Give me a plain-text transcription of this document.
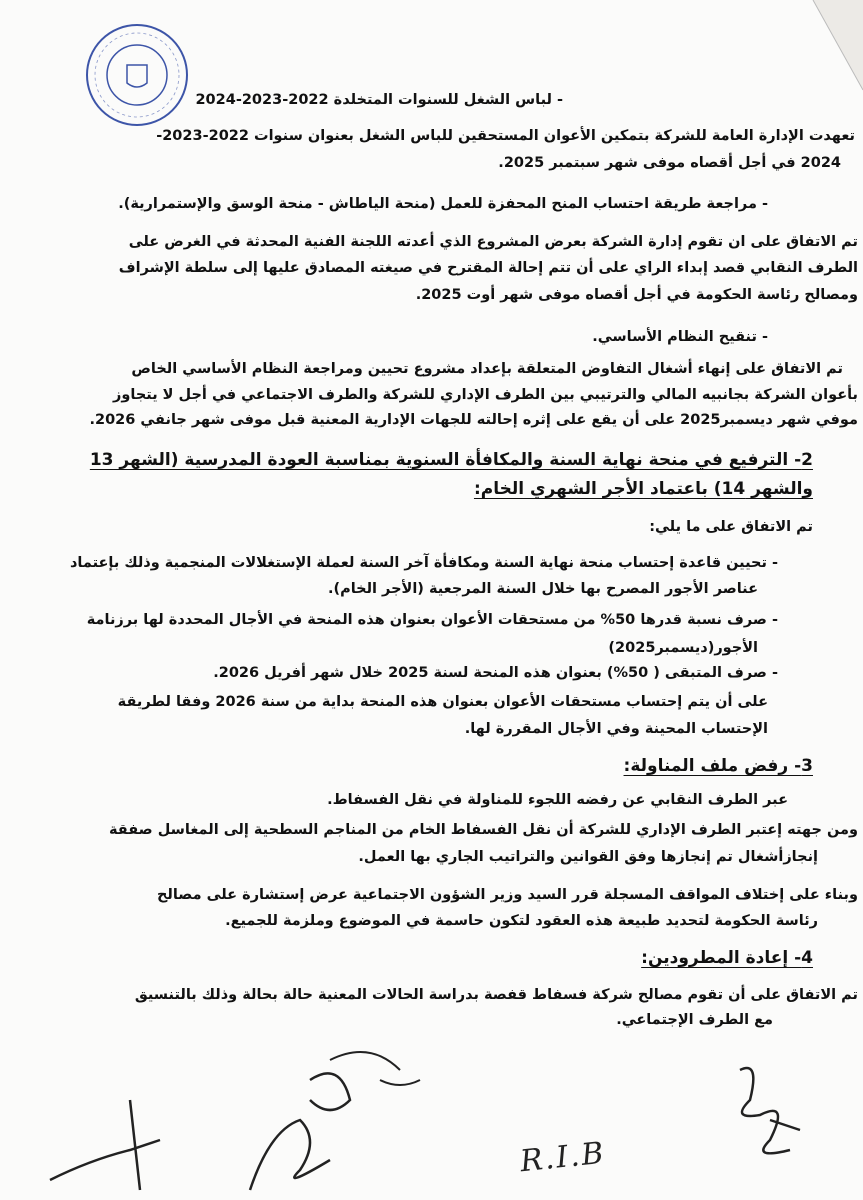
- لباس الشغل للسنوات المتخلدة 2022-2023-2024
تعهدت الإدارة العامة للشركة بتمكين الأعوان المستحقين للباس الشغل بعنوان سنوات 2022-2023-
2024 في أجل أقصاه موفى شهر سبتمبر 2025.
- مراجعة طريقة احتساب المنح المحفزة للعمل (منحة الياطاش - منحة الوسق والإستمرارية).
تم الاتفاق على ان تقوم إدارة الشركة بعرض المشروع الذي أعدته اللجنة الفنية المحدثة في الغرض على
الطرف النقابي قصد إبداء الراي على أن تتم إحالة المقترح في صيغته المصادق عليها إلى سلطة الإشراف
ومصالح رئاسة الحكومة في أجل أقصاه موفى شهر أوت 2025.
- تنقيح النظام الأساسي.
تم الاتفاق على إنهاء أشغال التفاوض المتعلقة بإعداد مشروع تحيين ومراجعة النظام الأساسي الخاص
بأعوان الشركة بجانبيه المالي والترتيبي بين الطرف الإداري للشركة والطرف الاجتماعي في أجل لا يتجاوز
موفي شهر ديسمبر2025 على أن يقع على إثره إحالته للجهات الإدارية المعنية قبل موفى شهر جانفي 2026.
2- الترفيع في منحة نهاية السنة والمكافأة السنوية بمناسبة العودة المدرسية (الشهر 13
والشهر 14) باعتماد الأجر الشهري الخام:
تم الاتفاق على ما يلي:
- تحيين قاعدة إحتساب منحة نهاية السنة ومكافأة آخر السنة لعملة الإستغلالات المنجمية وذلك بإعتماد
عناصر الأجور المصرح بها خلال السنة المرجعية (الأجر الخام).
- صرف نسبة قدرها 50% من مستحقات الأعوان بعنوان هذه المنحة في الأجال المحددة لها برزنامة
الأجور(ديسمبر2025)
- صرف المتبقى ( 50%) بعنوان هذه المنحة لسنة 2025 خلال شهر أفريل 2026.
على أن يتم إحتساب مستحقات الأعوان بعنوان هذه المنحة بداية من سنة 2026 وفقا لطريقة
الإحتساب المحينة وفي الأجال المقررة لها.
3- رفض ملف المناولة:
عبر الطرف النقابي عن رفضه اللجوء للمناولة في نقل الفسفاط.
ومن جهته إعتبر الطرف الإداري للشركة أن نقل الفسفاط الخام من المناجم السطحية إلى المغاسل صفقة
إنجازأشغال تم إنجازها وفق القوانين والتراتيب الجاري بها العمل.
وبناء على إختلاف المواقف المسجلة قرر السيد وزير الشؤون الاجتماعية عرض إستشارة على مصالح
رئاسة الحكومة لتحديد طبيعة هذه العقود لتكون حاسمة في الموضوع وملزمة للجميع.
4- إعادة المطرودين:
تم الاتفاق على أن تقوم مصالح شركة فسفاط قفصة بدراسة الحالات المعنية حالة بحالة وذلك بالتنسيق
مع الطرف الإجتماعي.
R.I.B
